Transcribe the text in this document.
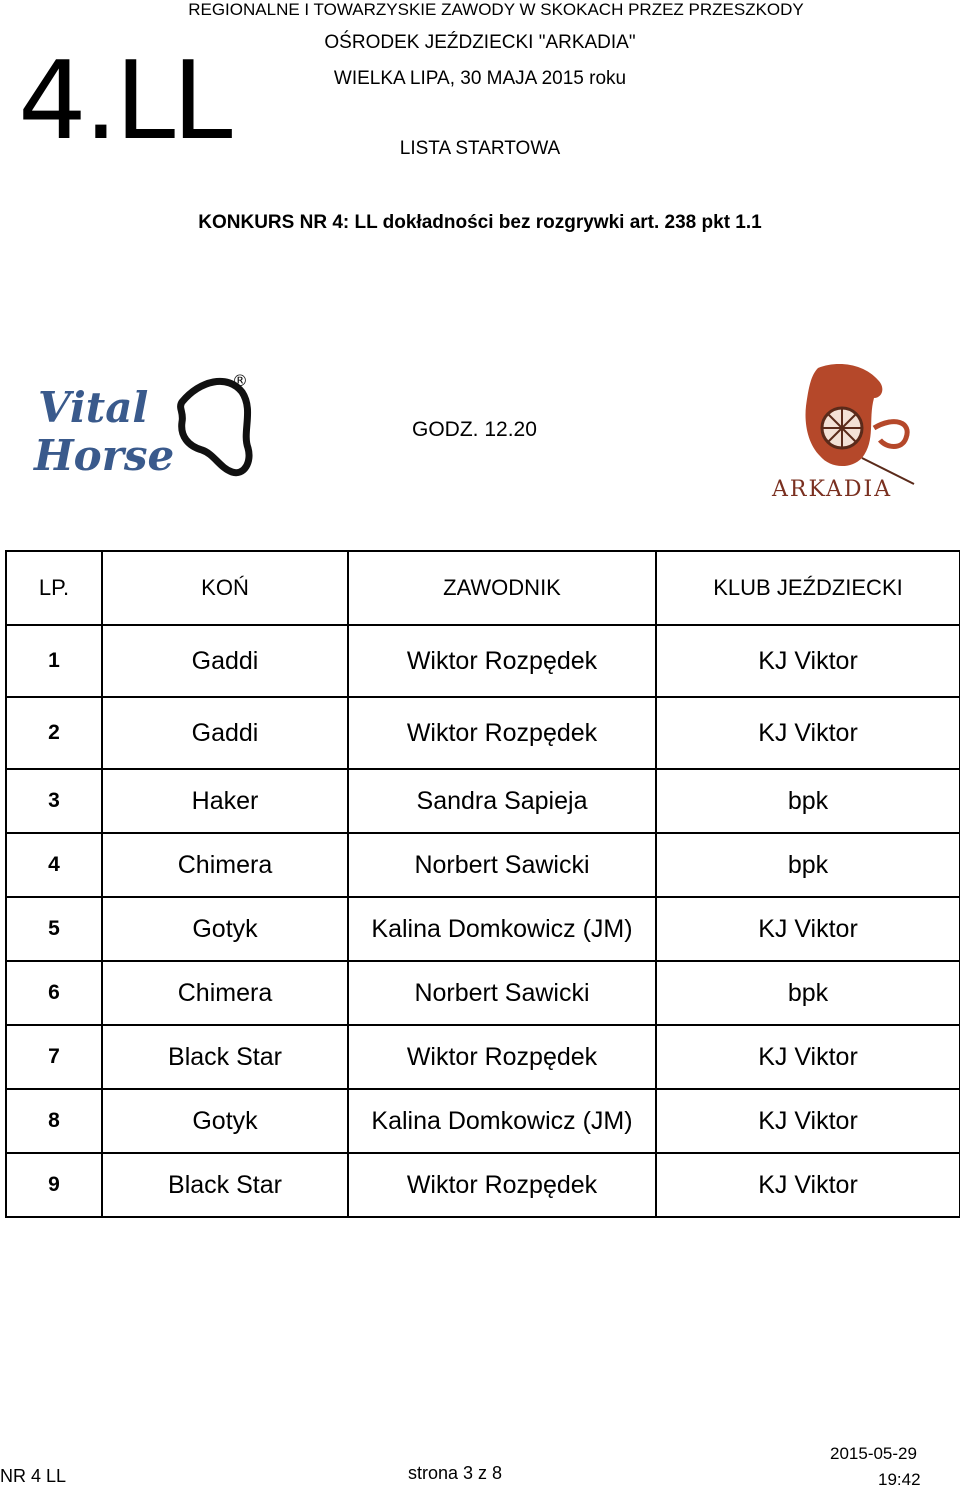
REGIONALNE I TOWARZYSKIE ZAWODY W SKOKACH PRZEZ PRZESZKODY
OŚRODEK JEŹDZIECKI "ARKADIA"
WIELKA LIPA, 30 MAJA 2015 roku
LISTA STARTOWA
4.LL
KONKURS NR 4: LL dokładności bez rozgrywki art. 238 pkt 1.1
Vital
Horse
®
GODZ. 12.20
ARKADIA
LP.	KOŃ	ZAWODNIK	KLUB JEŹDZIECKI
1	Gaddi	Wiktor Rozpędek	KJ Viktor
2	Gaddi	Wiktor Rozpędek	KJ Viktor
3	Haker	Sandra Sapieja	bpk
4	Chimera	Norbert Sawicki	bpk
5	Gotyk	Kalina Domkowicz (JM)	KJ Viktor
6	Chimera	Norbert Sawicki	bpk
7	Black Star	Wiktor Rozpędek	KJ Viktor
8	Gotyk	Kalina Domkowicz (JM)	KJ Viktor
9	Black Star	Wiktor Rozpędek	KJ Viktor
NR 4 LL	strona 3 z 8
2015-05-29
19:42
